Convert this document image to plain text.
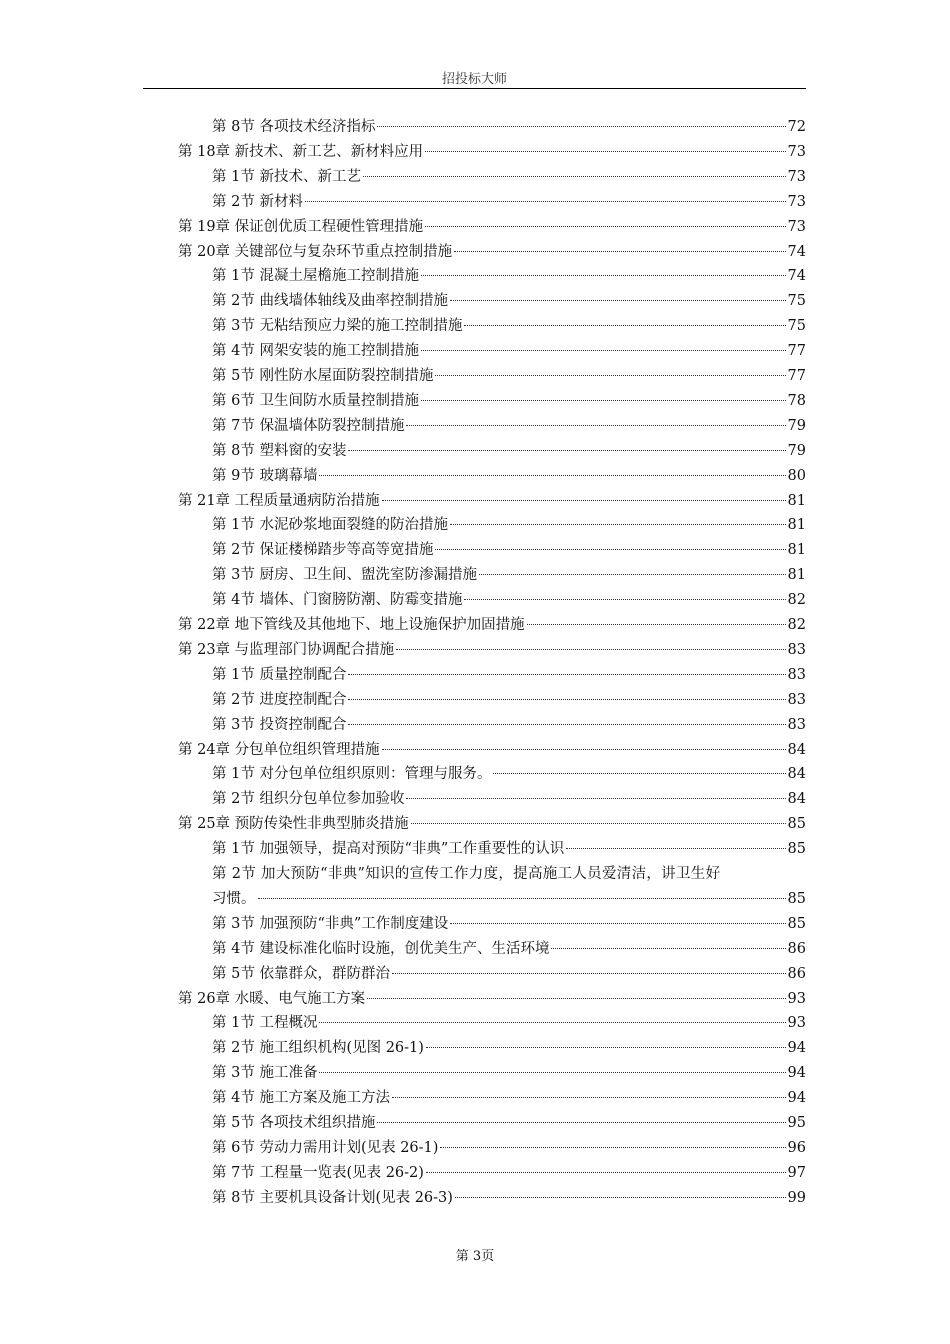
招投标大师
第 8节 各项技术经济指标	72
第 18章 新技术、新工艺、新材料应用	73
第 1节 新技术、新工艺	73
第 2节 新材料	73
第 19章 保证创优质工程硬性管理措施	73
第 20章 关键部位与复杂环节重点控制措施	74
第 1节 混凝土屋檐施工控制措施	74
第 2节 曲线墙体轴线及曲率控制措施	75
第 3节 无粘结预应力梁的施工控制措施	75
第 4节 网架安装的施工控制措施	77
第 5节 刚性防水屋面防裂控制措施	77
第 6节 卫生间防水质量控制措施	78
第 7节 保温墙体防裂控制措施	79
第 8节 塑料窗的安装	79
第 9节 玻璃幕墙	80
第 21章 工程质量通病防治措施	81
第 1节 水泥砂浆地面裂缝的防治措施	81
第 2节 保证楼梯踏步等高等宽措施	81
第 3节 厨房、卫生间、盥洗室防渗漏措施	81
第 4节 墙体、门窗膀防潮、防霉变措施	82
第 22章 地下管线及其他地下、地上设施保护加固措施	82
第 23章 与监理部门协调配合措施	83
第 1节 质量控制配合	83
第 2节 进度控制配合	83
第 3节 投资控制配合	83
第 24章 分包单位组织管理措施	84
第 1节 对分包单位组织原则：管理与服务。	84
第 2节 组织分包单位参加验收	84
第 25章 预防传染性非典型肺炎措施	85
第 1节 加强领导，提高对预防“非典”工作重要性的认识	85
第 2节 加大预防“非典”知识的宣传工作力度，提高施工人员爱清洁，讲卫生好
习惯。	85
第 3节 加强预防“非典”工作制度建设	85
第 4节 建设标准化临时设施，创优美生产、生活环境	86
第 5节 依靠群众，群防群治	86
第 26章 水暖、电气施工方案	93
第 1节 工程概况	93
第 2节 施工组织机构(见图 26-1)	94
第 3节 施工准备	94
第 4节 施工方案及施工方法	94
第 5节 各项技术组织措施	95
第 6节 劳动力需用计划(见表 26-1)	96
第 7节 工程量一览表(见表 26-2)	97
第 8节 主要机具设备计划(见表 26-3)	99
第 3页
